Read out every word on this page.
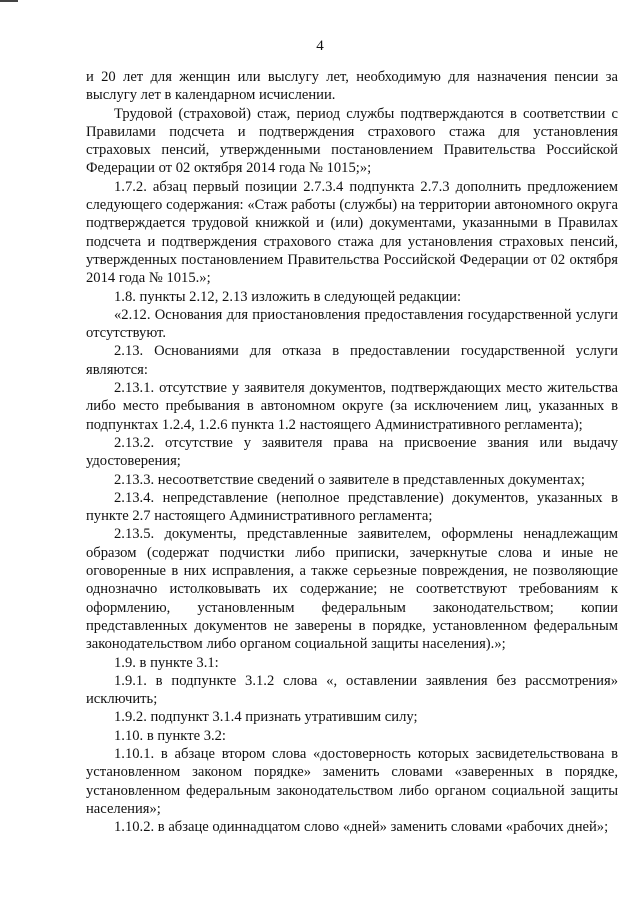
4

и 20 лет для женщин или выслугу лет, необходимую для назначения пенсии за выслугу лет в календарном исчислении.

Трудовой (страховой) стаж, период службы подтверждаются в соответствии с Правилами подсчета и подтверждения страхового стажа для установления страховых пенсий, утвержденными постановлением Правительства Российской Федерации от 02 октября 2014 года № 1015;»;

1.7.2. абзац первый позиции 2.7.3.4 подпункта 2.7.3 дополнить предложением следующего содержания: «Стаж работы (службы) на территории автономного округа подтверждается трудовой книжкой и (или) документами, указанными в Правилах подсчета и подтверждения страхового стажа для установления страховых пенсий, утвержденных постановлением Правительства Российской Федерации от 02 октября 2014 года № 1015.»;

1.8. пункты 2.12, 2.13 изложить в следующей редакции:

«2.12. Основания для приостановления предоставления государственной услуги отсутствуют.

2.13. Основаниями для отказа в предоставлении государственной услуги являются:

2.13.1. отсутствие у заявителя документов, подтверждающих место жительства либо место пребывания в автономном округе (за исключением лиц, указанных в подпунктах 1.2.4, 1.2.6 пункта 1.2 настоящего Административного регламента);

2.13.2. отсутствие у заявителя права на присвоение звания или выдачу удостоверения;

2.13.3. несоответствие сведений о заявителе в представленных документах;

2.13.4. непредставление (неполное представление) документов, указанных в пункте 2.7 настоящего Административного регламента;

2.13.5. документы, представленные заявителем, оформлены ненадлежащим образом (содержат подчистки либо приписки, зачеркнутые слова и иные не оговоренные в них исправления, а также серьезные повреждения, не позволяющие однозначно истолковывать их содержание; не соответствуют требованиям к оформлению, установленным федеральным законодательством; копии представленных документов не заверены в порядке, установленном федеральным законодательством либо органом социальной защиты населения).»;

1.9. в пункте 3.1:

1.9.1. в подпункте 3.1.2 слова «, оставлении заявления без рассмотрения» исключить;

1.9.2. подпункт 3.1.4 признать утратившим силу;

1.10. в пункте 3.2:

1.10.1. в абзаце втором слова «достоверность которых засвидетельствована в установленном законом порядке» заменить словами «заверенных в порядке, установленном федеральным законодательством либо органом социальной защиты населения»;

1.10.2. в абзаце одиннадцатом слово «дней» заменить словами «рабочих дней»;
